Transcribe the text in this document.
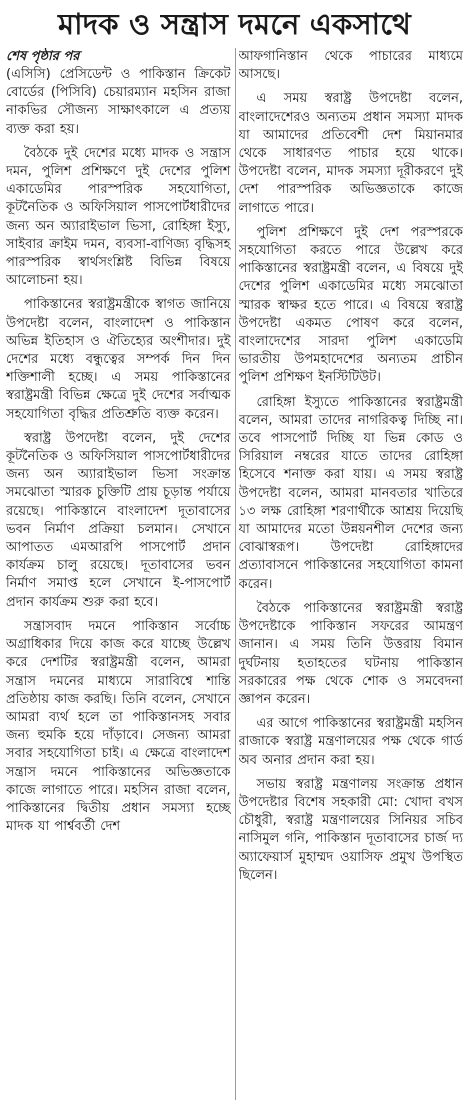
মাদক ও সন্ত্রাস দমনে একসাথে
শেষ পৃষ্ঠার পর

(এসিসি) প্রেসিডেন্ট ও পাকিস্তান ক্রিকেট বোর্ডের (পিসিবি) চেয়ারম্যান মহসিন রাজা নাকভির সৌজন্য সাক্ষাৎকালে এ প্রত্যয় ব্যক্ত করা হয়।

বৈঠকে দুই দেশের মধ্যে মাদক ও সন্ত্রাস দমন, পুলিশ প্রশিক্ষণে দুই দেশের পুলিশ একাডেমির পারস্পরিক সহযোগিতা, কূটনৈতিক ও অফিসিয়াল পাসপোর্টধারীদের জন্য অন অ্যারাইভাল ভিসা, রোহিঙ্গা ইস্যু, সাইবার ক্রাইম দমন, ব্যবসা-বাণিজ্য বৃদ্ধিসহ পারস্পরিক স্বার্থসংশ্লিষ্ট বিভিন্ন বিষয়ে আলোচনা হয়।

পাকিস্তানের স্বরাষ্ট্রমন্ত্রীকে স্বাগত জানিয়ে উপদেষ্টা বলেন, বাংলাদেশ ও পাকিস্তান অভিন্ন ইতিহাস ও ঐতিহ্যের অংশীদার। দুই দেশের মধ্যে বন্ধুত্বের সম্পর্ক দিন দিন শক্তিশালী হচ্ছে। এ সময় পাকিস্তানের স্বরাষ্ট্রমন্ত্রী বিভিন্ন ক্ষেত্রে দুই দেশের সর্বাত্মক সহযোগিতা বৃদ্ধির প্রতিশ্রুতি ব্যক্ত করেন।

স্বরাষ্ট্র উপদেষ্টা বলেন, দুই দেশের কূটনৈতিক ও অফিসিয়াল পাসপোর্টধারীদের জন্য অন অ্যারাইভাল ভিসা সংক্রান্ত সমঝোতা স্মারক চুক্তিটি প্রায় চূড়ান্ত পর্যায়ে রয়েছে। পাকিস্তানে বাংলাদেশ দূতাবাসের ভবন নির্মাণ প্রক্রিয়া চলমান। সেখানে আপাতত এমআরপি পাসপোর্ট প্রদান কার্যক্রম চালু রয়েছে। দূতাবাসের ভবন নির্মাণ সমাপ্ত হলে সেখানে ই-পাসপোর্ট প্রদান কার্যক্রম শুরু করা হবে।

সন্ত্রাসবাদ দমনে পাকিস্তান সর্বোচ্চ অগ্রাধিকার দিয়ে কাজ করে যাচ্ছে উল্লেখ করে দেশটির স্বরাষ্ট্রমন্ত্রী বলেন, আমরা সন্ত্রাস দমনের মাধ্যমে সারাবিশ্বে শান্তি প্রতিষ্ঠায় কাজ করছি। তিনি বলেন, সেখানে আমরা ব্যর্থ হলে তা পাকিস্তানসহ সবার জন্য হুমকি হয়ে দাঁড়াবে। সেজন্য আমরা সবার সহযোগিতা চাই। এ ক্ষেত্রে বাংলাদেশ সন্ত্রাস দমনে পাকিস্তানের অভিজ্ঞতাকে কাজে লাগাতে পারে। মহসিন রাজা বলেন, পাকিস্তানের দ্বিতীয় প্রধান সমস্যা হচ্ছে মাদক যা পার্শ্ববর্তী দেশ

আফগানিস্তান থেকে পাচারের মাধ্যমে আসছে।

এ সময় স্বরাষ্ট্র উপদেষ্টা বলেন, বাংলাদেশেরও অন্যতম প্রধান সমস্যা মাদক যা আমাদের প্রতিবেশী দেশ মিয়ানমার থেকে সাধারণত পাচার হয়ে থাকে। উপদেষ্টা বলেন, মাদক সমস্যা দূরীকরণে দুই দেশ পারস্পরিক অভিজ্ঞতাকে কাজে লাগাতে পারে।

পুলিশ প্রশিক্ষণে দুই দেশ পরস্পরকে সহযোগিতা করতে পারে উল্লেখ করে পাকিস্তানের স্বরাষ্ট্রমন্ত্রী বলেন, এ বিষয়ে দুই দেশের পুলিশ একাডেমির মধ্যে সমঝোতা স্মারক স্বাক্ষর হতে পারে। এ বিষয়ে স্বরাষ্ট্র উপদেষ্টা একমত পোষণ করে বলেন, বাংলাদেশের সারদা পুলিশ একাডেমি ভারতীয় উপমহাদেশের অন্যতম প্রাচীন পুলিশ প্রশিক্ষণ ইনস্টিটিউট।

রোহিঙ্গা ইস্যুতে পাকিস্তানের স্বরাষ্ট্রমন্ত্রী বলেন, আমরা তাদের নাগরিকত্ব দিচ্ছি না। তবে পাসপোর্ট দিচ্ছি যা ভিন্ন কোড ও সিরিয়াল নম্বরের যাতে তাদের রোহিঙ্গা হিসেবে শনাক্ত করা যায়। এ সময় স্বরাষ্ট্র উপদেষ্টা বলেন, আমরা মানবতার খাতিরে ১৩ লক্ষ রোহিঙ্গা শরণার্থীকে আশ্রয় দিয়েছি যা আমাদের মতো উন্নয়নশীল দেশের জন্য বোঝাস্বরূপ। উপদেষ্টা রোহিঙ্গাদের প্রত্যাবাসনে পাকিস্তানের সহযোগিতা কামনা করেন।

বৈঠকে পাকিস্তানের স্বরাষ্ট্রমন্ত্রী স্বরাষ্ট্র উপদেষ্টাকে পাকিস্তান সফরের আমন্ত্রণ জানান। এ সময় তিনি উত্তরায় বিমান দুর্ঘটনায় হতাহতের ঘটনায় পাকিস্তান সরকারের পক্ষ থেকে শোক ও সমবেদনা জ্ঞাপন করেন।

এর আগে পাকিস্তানের স্বরাষ্ট্রমন্ত্রী মহসিন রাজাকে স্বরাষ্ট্র মন্ত্রণালয়ের পক্ষ থেকে গার্ড অব অনার প্রদান করা হয়।

সভায় স্বরাষ্ট্র মন্ত্রণালয় সংক্রান্ত প্রধান উপদেষ্টার বিশেষ সহকারী মো: খোদা বখস চৌধুরী, স্বরাষ্ট্র মন্ত্রণালয়ের সিনিয়র সচিব নাসিমুল গনি, পাকিস্তান দূতাবাসের চার্জ দ্য অ্যাফেয়ার্স মুহাম্মদ ওয়াসিফ প্রমুখ উপস্থিত ছিলেন।
